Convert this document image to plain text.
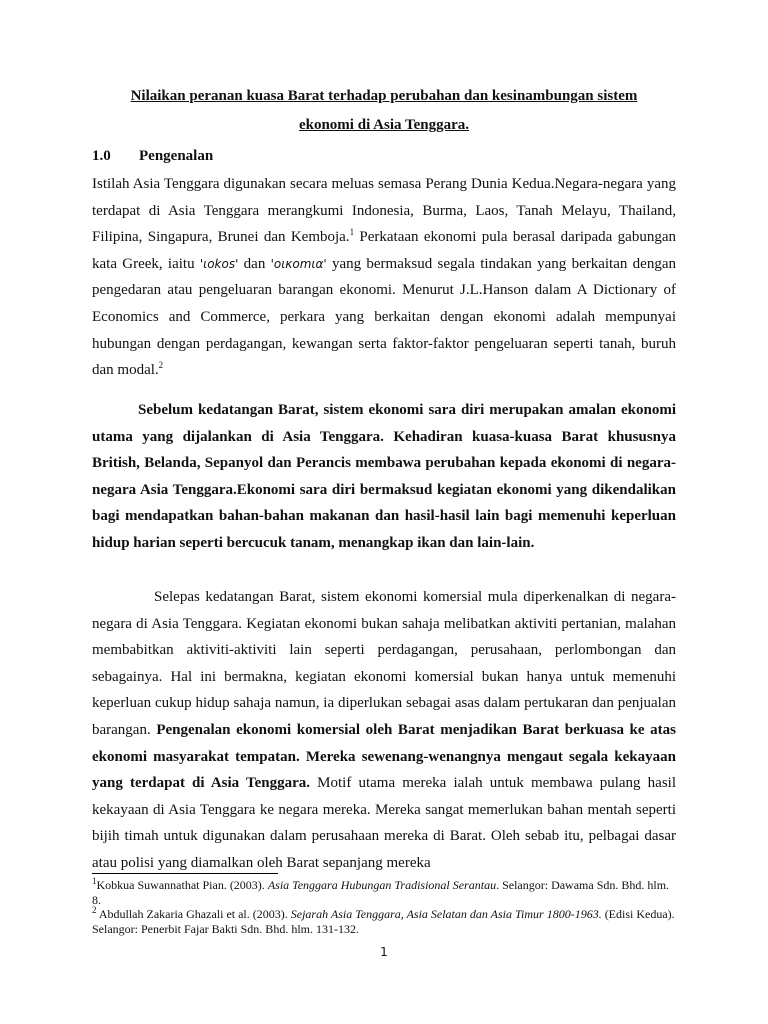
Nilaikan peranan kuasa Barat terhadap perubahan dan kesinambungan sistem
ekonomi di Asia Tenggara.
1.0 Pengenalan

Istilah Asia Tenggara digunakan secara meluas semasa Perang Dunia Kedua.Negara-negara yang terdapat di Asia Tenggara merangkumi Indonesia, Burma, Laos, Tanah Melayu, Thailand, Filipina, Singapura, Brunei dan Kemboja.$^1$ Perkataan ekonomi pula berasal daripada gabungan kata Greek, iaitu 'ιokos' dan 'oικomια' yang bermaksud segala tindakan yang berkaitan dengan pengedaran atau pengeluaran barangan ekonomi. Menurut J.L.Hanson dalam A Dictionary of Economics and Commerce, perkara yang berkaitan dengan ekonomi adalah mempunyai hubungan dengan perdagangan, kewangan serta faktor-faktor pengeluaran seperti tanah, buruh dan modal.$^2$

Sebelum kedatangan Barat, sistem ekonomi sara diri merupakan amalan ekonomi utama yang dijalankan di Asia Tenggara. Kehadiran kuasa-kuasa Barat khususnya British, Belanda, Sepanyol dan Perancis membawa perubahan kepada ekonomi di negara-negara Asia Tenggara.Ekonomi sara diri bermaksud kegiatan ekonomi yang dikendalikan bagi mendapatkan bahan-bahan makanan dan hasil-hasil lain bagi memenuhi keperluan hidup harian seperti bercucuk tanam, menangkap ikan dan lain-lain.

Selepas kedatangan Barat, sistem ekonomi komersial mula diperkenalkan di negara-negara di Asia Tenggara. Kegiatan ekonomi bukan sahaja melibatkan aktiviti pertanian, malahan membabitkan aktiviti-aktiviti lain seperti perdagangan, perusahaan, perlombongan dan sebagainya. Hal ini bermakna, kegiatan ekonomi komersial bukan hanya untuk memenuhi keperluan cukup hidup sahaja namun, ia diperlukan sebagai asas dalam pertukaran dan penjualan barangan. Pengenalan ekonomi komersial oleh Barat menjadikan Barat berkuasa ke atas ekonomi masyarakat tempatan. Mereka sewenang-wenangnya mengaut segala kekayaan yang terdapat di Asia Tenggara. Motif utama mereka ialah untuk membawa pulang hasil kekayaan di Asia Tenggara ke negara mereka. Mereka sangat memerlukan bahan mentah seperti bijih timah untuk digunakan dalam perusahaan mereka di Barat. Oleh sebab itu, pelbagai dasar atau polisi yang diamalkan oleh Barat sepanjang mereka

$^1$Kobkua Suwannathat Pian. (2003). Asia Tenggara Hubungan Tradisional Serantau. Selangor: Dawama Sdn. Bhd. hlm. 8.

$^2$ Abdullah Zakaria Ghazali et al. (2003). Sejarah Asia Tenggara, Asia Selatan dan Asia Timur 1800-1963. (Edisi Kedua). Selangor: Penerbit Fajar Bakti Sdn. Bhd. hlm. 131-132.

1
